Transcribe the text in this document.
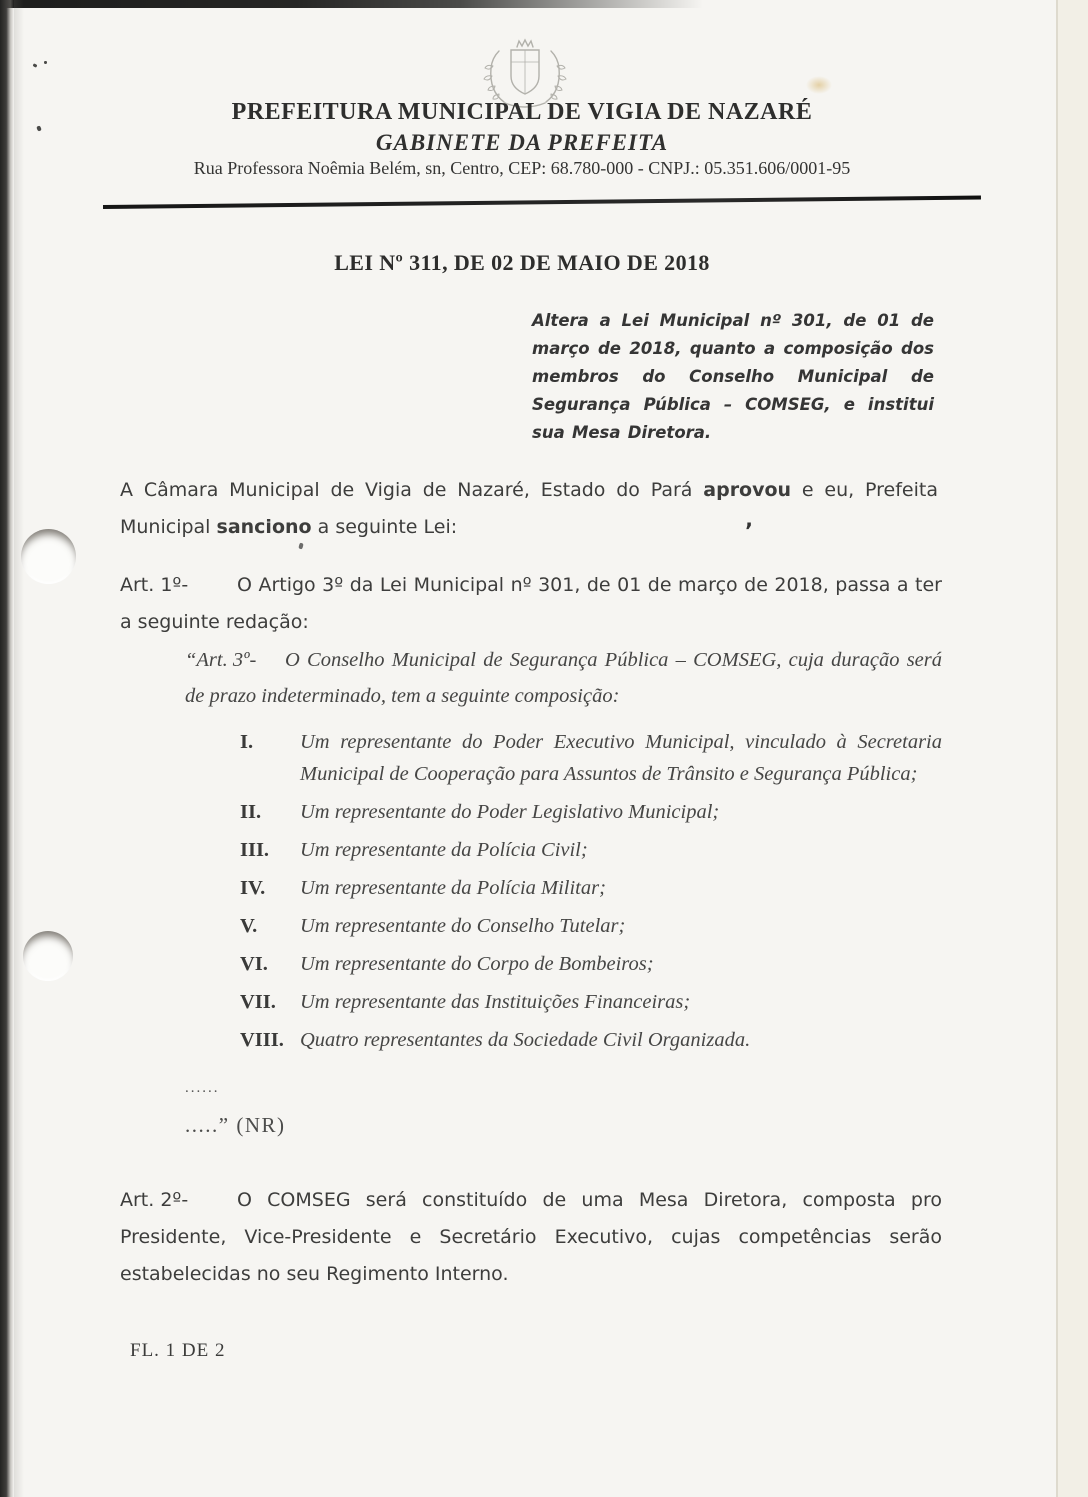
’
PREFEITURA MUNICIPAL DE VIGIA DE NAZARÉ
GABINETE DA PREFEITA
Rua Professora Noêmia Belém, sn, Centro, CEP: 68.780-000 - CNPJ.: 05.351.606/0001-95
LEI Nº 311, DE 02 DE MAIO DE 2018

Altera a Lei Municipal nº 301, de 01 de março de 2018, quanto a composição dos membros do Conselho Municipal de Segurança Pública – COMSEG, e institui sua Mesa Diretora.

A Câmara Municipal de Vigia de Nazaré, Estado do Pará aprovou e eu, Prefeita Municipal sanciono a seguinte Lei:

Art. 1º-	O Artigo 3º da Lei Municipal nº 301, de 01 de março de 2018, passa a ter a seguinte redação:

“Art. 3º- O Conselho Municipal de Segurança Pública – COMSEG, cuja duração será de prazo indeterminado, tem a seguinte composição:

I. Um representante do Poder Executivo Municipal, vinculado à Secretaria Municipal de Cooperação para Assuntos de Trânsito e Segurança Pública;
II. Um representante do Poder Legislativo Municipal;
III. Um representante da Polícia Civil;
IV. Um representante da Polícia Militar;
V. Um representante do Conselho Tutelar;
VI. Um representante do Corpo de Bombeiros;
VII. Um representante das Instituições Financeiras;
VIII. Quatro representantes da Sociedade Civil Organizada.

......

.....” (NR)

Art. 2º-	O COMSEG será constituído de uma Mesa Diretora, composta pro Presidente, Vice-Presidente e Secretário Executivo, cujas competências serão estabelecidas no seu Regimento Interno.

FL. 1 DE 2
